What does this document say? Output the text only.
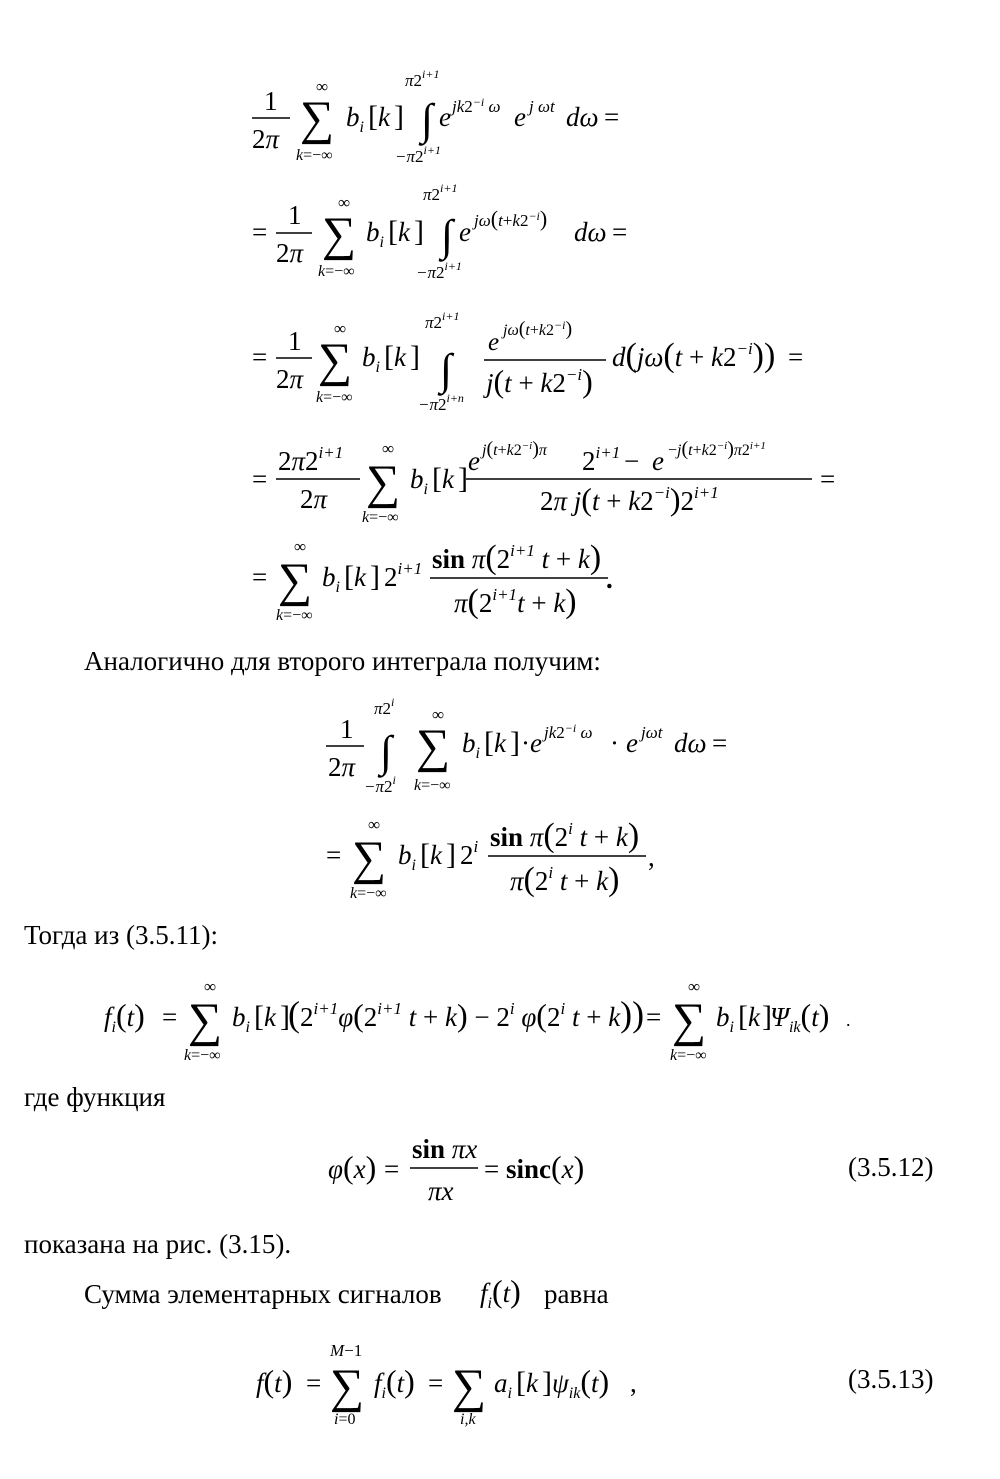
Аналогично для второго интеграла получим:
Тогда из (3.5.11):
где функция
показана на рис. (3.15).
Сумма элементарных сигналов	равна
(3.5.12)
(3.5.13)
1
2π
∞
∑
k=−∞
$b_i$ [ k ]
$\pi 2^{i+1}$
∫
$-\pi 2^{i+1}$
e $jk2^{-i}$ ω e j ωt dω =
=
1
2π
∞
∑
k=−∞
$b_i$ [ k ]
$\pi 2^{i+1}$
∫
$-\pi 2^{i+1}$
e $j\omega(t+k2^{-i}) d\omega$ =
=
1
2π
∞
∑
k=−∞
$b_i$ [ k ]
$\pi 2^{i+1}$
∫
$-\pi 2^{i+n}$
e $j\omega(t+k2^{-i})$
$j(t + k2^{-i})$
$d(j\omega(t + k2^{-i}))$ =
=
$2\pi 2^{i+1}$
2π
∞
∑
k=−∞
$b_i$ [ k ]
e $j(t+k2^{-i})\pi$ $2^{i+1} - e -j(t+k2^{-i})\pi 2^{i+1}$
2π $j(t + k2^{-i})2^{i+1}$	=
=
∞
∑
k=−∞
$b_i$ [ k ] $2^{i+1}$ $\sin \pi(2^{i+1}$ t + k)
$\pi(2^{i+1}t + k)$
.
1
2π
π2$^i$
∫
$-\pi 2^i$
∞
∑
k=−∞
$b_i$ [ k ] · e $jk2^{-i}$ ω · e jωt dω =
=
∞
∑
k=−∞
$b_i$ [ k ] 2$^i$ sin π(2$^i$ t + k)
π(2$^i$ t + k)
,
$f_i(t)$ =
∞
∑
k=−∞
$b_i$ [ k ]
($2^{i+1}\varphi(2^{i+1}$ $t + k) - 2^i$ φ(2$^i$ t + k)) =
∞
∑
k=−∞
$b_i$ [ k ]
$\Psi_{ik}(t)$ .
φ(x) =
sin πx
πx
= sinc(x)
$f_i(t)$
f(t) =
M−1
∑
i=0
$f_i(t)$ = ∑
i,k
$a_i$ [ k ] $\psi_{ik}(t)$ ,
